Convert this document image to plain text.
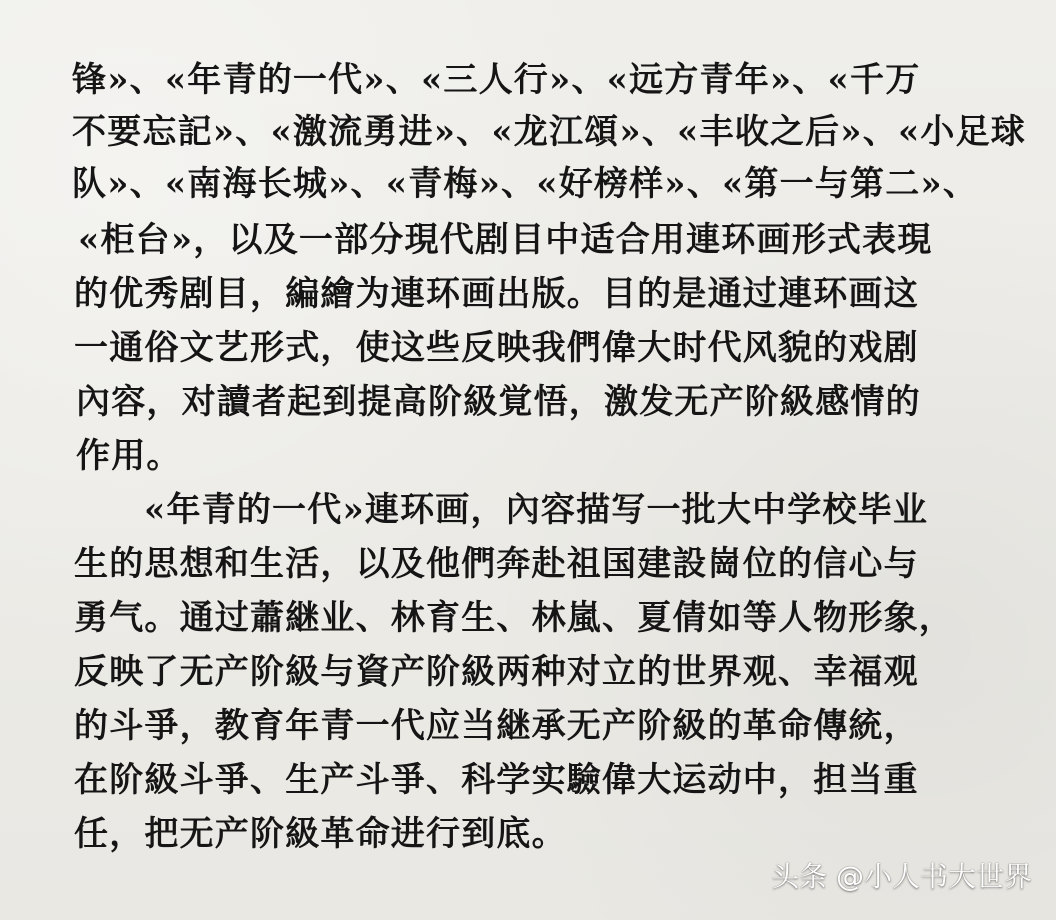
锋»、«年青的一代»、«三人行»、«远方青年»、«千万
不要忘記»、«激流勇进»、«龙江頌»、«丰收之后»、«小足球
队»、«南海长城»、«青梅»、«好榜样»、«第一与第二»、
«柜台»，以及一部分現代剧目中适合用連环画形式表現
的优秀剧目，編繪为連环画出版。目的是通过連环画这
一通俗文艺形式，使这些反映我們偉大时代风貌的戏剧
內容，对讀者起到提高阶級覚悟，激发无产阶級感情的
作用。
«年青的一代»連环画，內容描写一批大中学校毕业
生的思想和生活，以及他們奔赴祖国建設崗位的信心与
勇气。通过蕭継业、林育生、林嵐、夏倩如等人物形象，
反映了无产阶級与資产阶級两种对立的世界观、幸福观
的斗爭，教育年青一代应当継承无产阶級的革命傳統，
在阶級斗爭、生产斗爭、科学实驗偉大运动中，担当重
任，把无产阶級革命进行到底。
头条 @小人书大世界
